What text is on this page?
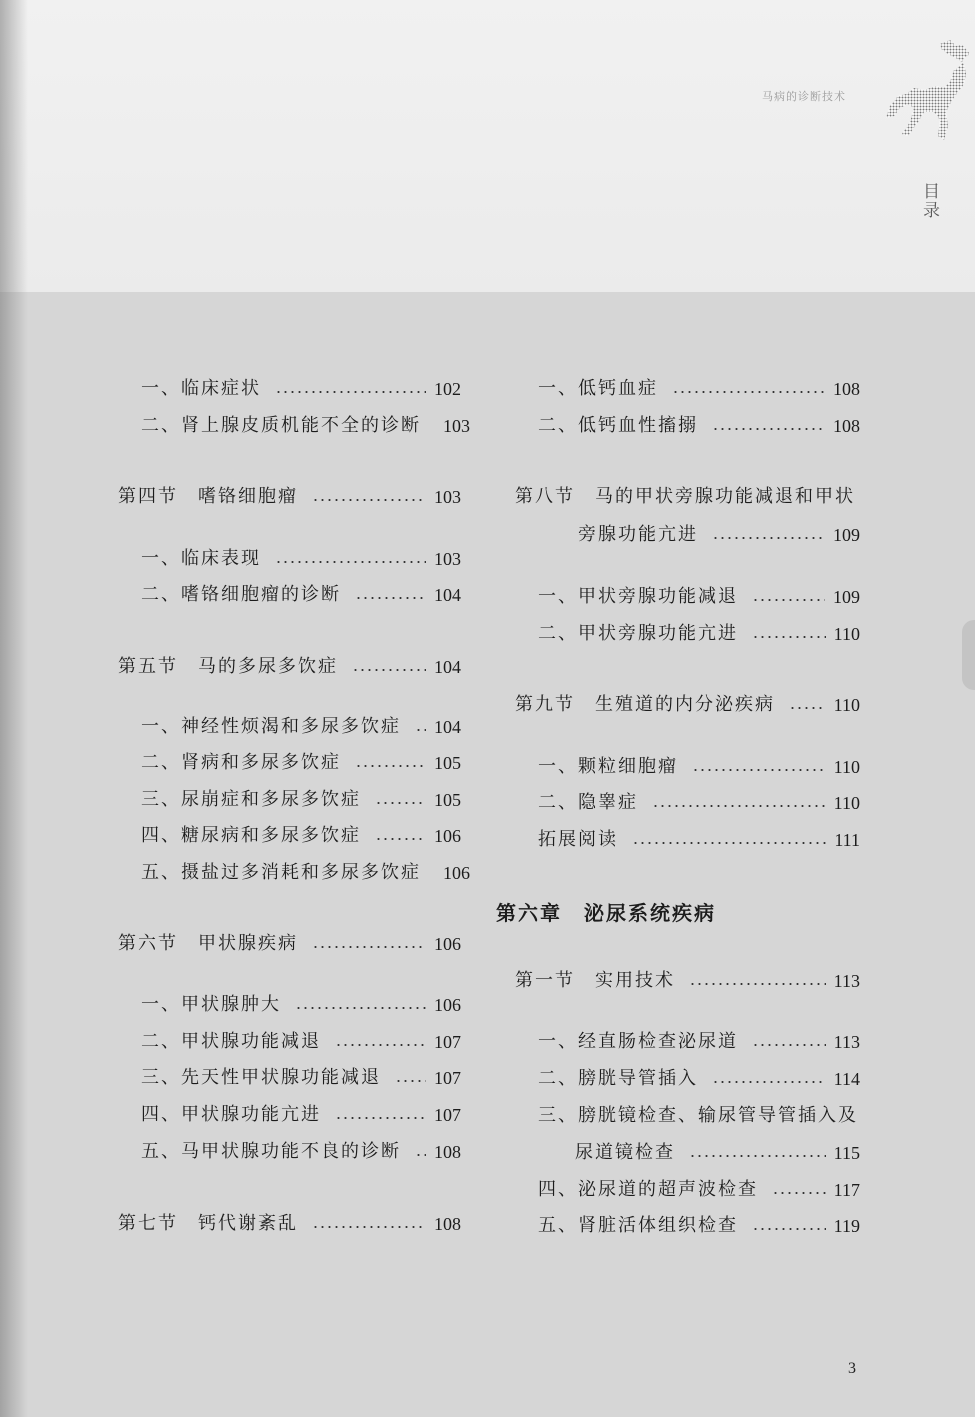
马病的诊断技术
目录
一、临床症状	102
二、肾上腺皮质机能不全的诊断 103
第四节　嗜铬细胞瘤	103
一、临床表现	103
二、嗜铬细胞瘤的诊断	104
第五节　马的多尿多饮症	104
一、神经性烦渴和多尿多饮症 104
二、肾病和多尿多饮症	105
三、尿崩症和多尿多饮症	105
四、糖尿病和多尿多饮症	106
五、摄盐过多消耗和多尿多饮症 106
第六节　甲状腺疾病	106
一、甲状腺肿大	106
二、甲状腺功能减退	107
三、先天性甲状腺功能减退	107
四、甲状腺功能亢进	107
五、马甲状腺功能不良的诊断 108
第七节　钙代谢紊乱	108
一、低钙血症	108
二、低钙血性搐搦	108
第八节　马的甲状旁腺功能减退和甲状
旁腺功能亢进	109
一、甲状旁腺功能减退	109
二、甲状旁腺功能亢进	110
第九节　生殖道的内分泌疾病	110
一、颗粒细胞瘤	110
二、隐睾症	110
拓展阅读	111
第六章　泌尿系统疾病
第一节　实用技术	113
一、经直肠检查泌尿道	113
二、膀胱导管插入	114
三、膀胱镜检查、输尿管导管插入及
尿道镜检查	115
四、泌尿道的超声波检查	117
五、肾脏活体组织检查	119
3
